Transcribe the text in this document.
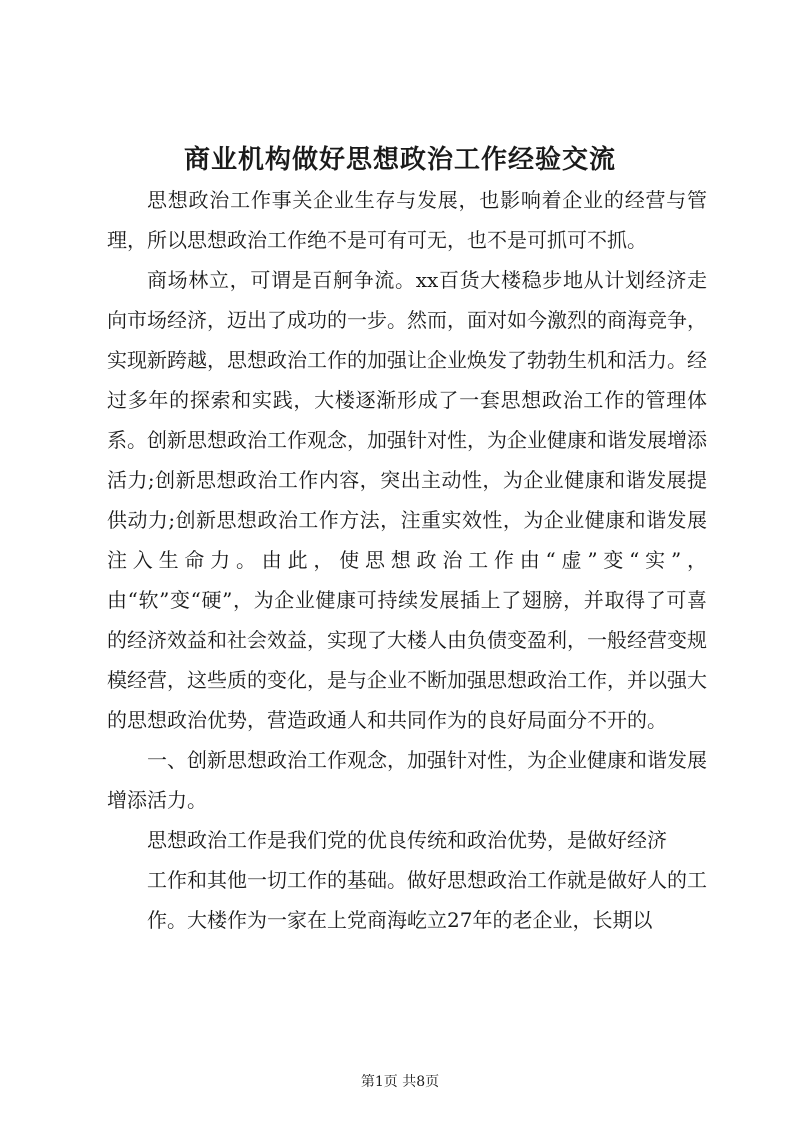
商业机构做好思想政治工作经验交流

思想政治工作事关企业生存与发展，也影响着企业的经营与管理，所以思想政治工作绝不是可有可无，也不是可抓可不抓。

商场林立，可谓是百舸争流。xx百货大楼稳步地从计划经济走向市场经济，迈出了成功的一步。然而，面对如今激烈的商海竞争，实现新跨越，思想政治工作的加强让企业焕发了勃勃生机和活力。经过多年的探索和实践，大楼逐渐形成了一套思想政治工作的管理体系。创新思想政治工作观念，加强针对性，为企业健康和谐发展增添活力;创新思想政治工作内容，突出主动性，为企业健康和谐发展提供动力;创新思想政治工作方法，注重实效性，为企业健康和谐发展注入生命力。由此，使思想政治工作由“虚”变“实”，由“软”变“硬”，为企业健康可持续发展插上了翅膀，并取得了可喜的经济效益和社会效益，实现了大楼人由负债变盈利，一般经营变规模经营，这些质的变化，是与企业不断加强思想政治工作，并以强大的思想政治优势，营造政通人和共同作为的良好局面分不开的。

一、创新思想政治工作观念，加强针对性，为企业健康和谐发展增添活力。

思想政治工作是我们党的优良传统和政治优势，是做好经济

工作和其他一切工作的基础。做好思想政治工作就是做好人的工作。大楼作为一家在上党商海屹立27年的老企业，长期以

第1页 共8页
